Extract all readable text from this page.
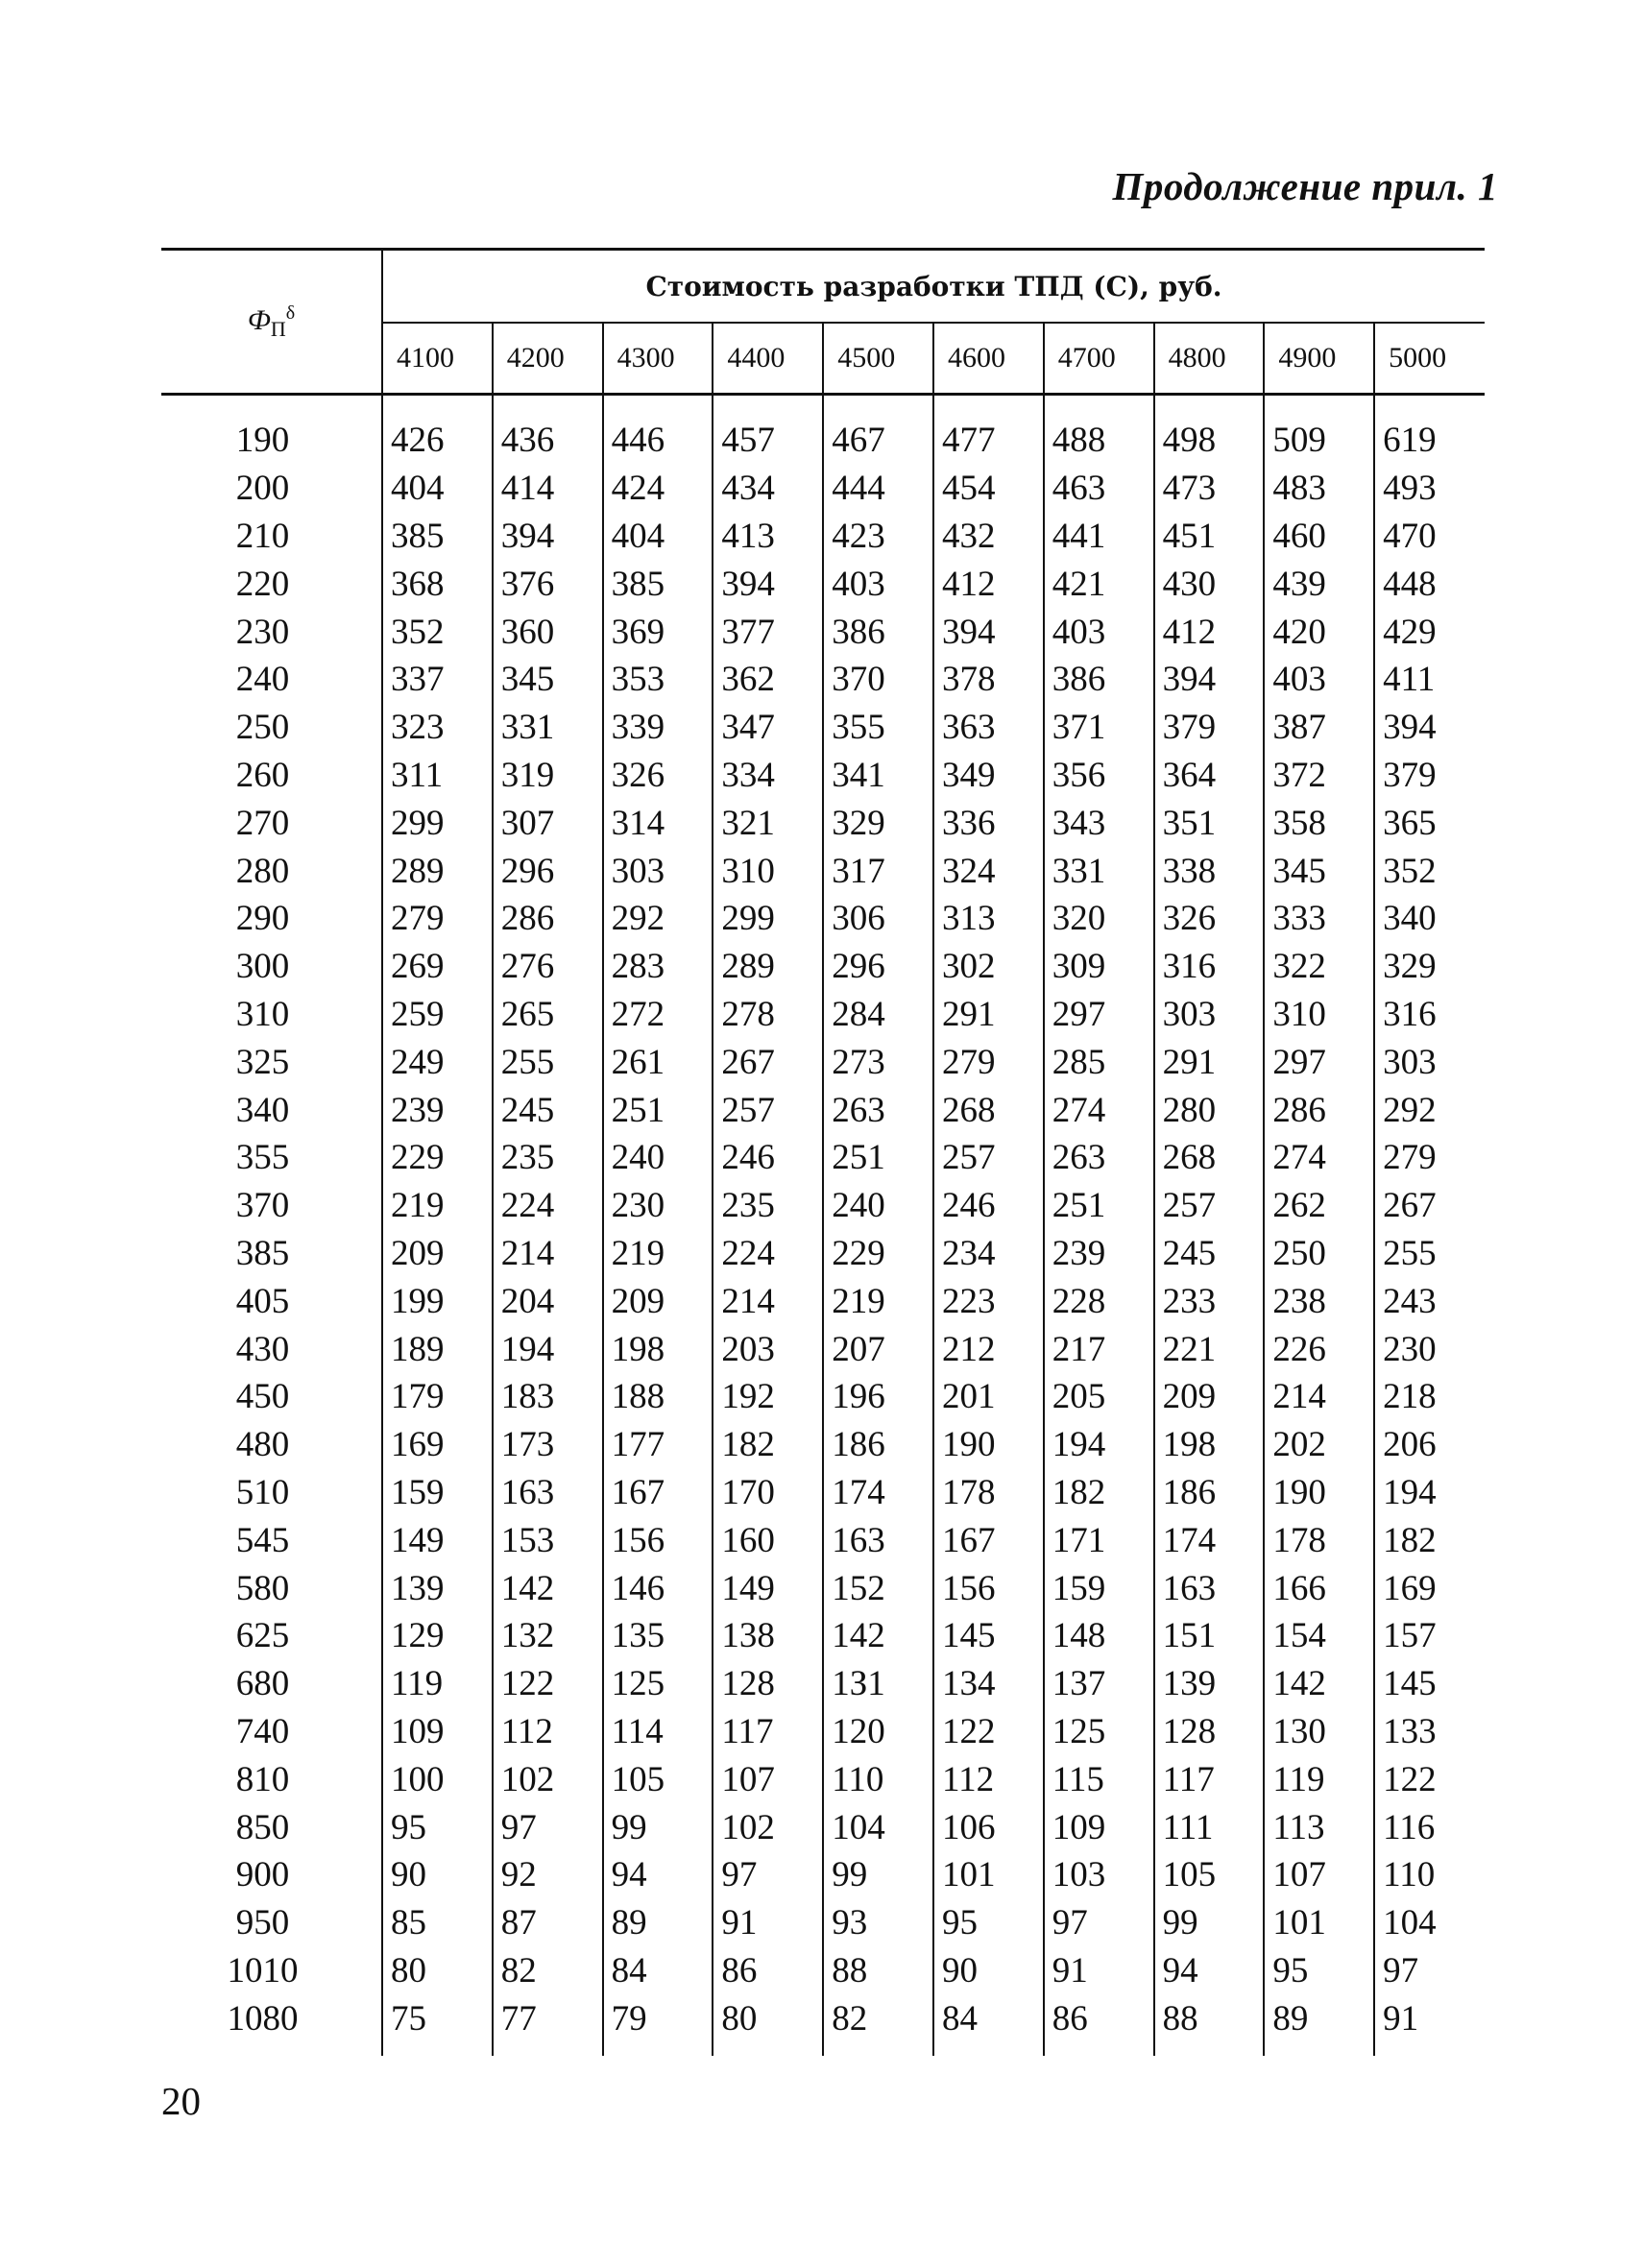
Продолжение прил. 1
$Ф_П^\delta$	Стоимость разработки ТПД (С), руб.									
	4100	4200	4300	4400	4500	4600	4700	4800	4900	5000

190	426	436	446	457	467	477	488	498	509	619
200	404	414	424	434	444	454	463	473	483	493
210	385	394	404	413	423	432	441	451	460	470
220	368	376	385	394	403	412	421	430	439	448
230	352	360	369	377	386	394	403	412	420	429
240	337	345	353	362	370	378	386	394	403	411
250	323	331	339	347	355	363	371	379	387	394
260	311	319	326	334	341	349	356	364	372	379
270	299	307	314	321	329	336	343	351	358	365
280	289	296	303	310	317	324	331	338	345	352
290	279	286	292	299	306	313	320	326	333	340
300	269	276	283	289	296	302	309	316	322	329
310	259	265	272	278	284	291	297	303	310	316
325	249	255	261	267	273	279	285	291	297	303
340	239	245	251	257	263	268	274	280	286	292
355	229	235	240	246	251	257	263	268	274	279
370	219	224	230	235	240	246	251	257	262	267
385	209	214	219	224	229	234	239	245	250	255
405	199	204	209	214	219	223	228	233	238	243
430	189	194	198	203	207	212	217	221	226	230
450	179	183	188	192	196	201	205	209	214	218
480	169	173	177	182	186	190	194	198	202	206
510	159	163	167	170	174	178	182	186	190	194
545	149	153	156	160	163	167	171	174	178	182
580	139	142	146	149	152	156	159	163	166	169
625	129	132	135	138	142	145	148	151	154	157
680	119	122	125	128	1З1	134	137	139	142	145
740	109	112	114	117	120	122	125	128	130	133
810	100	102	105	107	110	112	115	117	119	122
850	95	97	99	102	104	106	109	111	113	116
900	90	92	94	97	99	101	103	105	107	110
950	85	87	89	91	93	95	97	99	101	104
1010	80	82	84	86	88	90	91	94	95	97
1080	75	77	79	80	82	84	86	88	89	91

20
